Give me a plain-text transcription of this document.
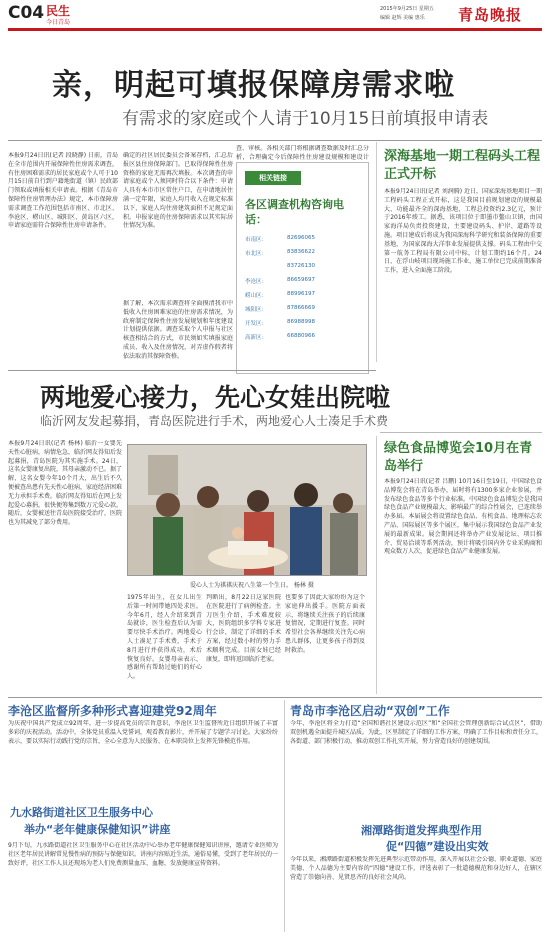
C04 民生
今日青岛
2015年9月25日 星期五
编辑 赵辉 美编 惠乐 青岛晚报
亲，明起可填报保障房需求啦
有需求的家庭或个人请于10月15日前填报申请表
本报9月24日讯(记者 段晓静) 日前，青岛在全市范围内开展保障性住房需求调查，有住房困难需求的居民家庭或个人可于10月15日前自行到户籍地街道（镇）民政部门领取或填报相关申请表。根据《青岛市保障性住房管理办法》规定，本市保障房需求调查工作范围包括市南区、市北区、李沧区、崂山区、城阳区、黄岛区六区，申请家庭需符合保障性住房申请条件。
确定的社区居民委员会备案存档，汇总后报区县住房保障部门。已取得保障性住房资格的家庭无需再次填报。本次调查的申请家庭或个人须同时符合以下条件：申请人具有本市市区常住户口，在申请地居住满一定年限，家庭人均月收入在规定标准以下，家庭人均住房建筑面积不足规定面积。申报家庭的住房保障需求以其实际居住情况为准。
相关链接
各区调查机构咨询电话：
市南区：	82696065
市北区：	83836622
83726130
李沧区：	86659697
崂山区：	88996197
城阳区：	87866669
开发区：	86988998
高新区：	66880966
深海基地一期工程码头工程正式开标
本报9月24日讯(记者 刘润腾) 近日，国家深海基地项目一期工程码头工程正式开标，这是我国目前规划建设的规模最大、功能最齐全的深海基地，工程总投资约2.3亿元，预计于2016年竣工。据悉，该项目位于即墨市鳌山卫镇，由国家海洋局负责投资建设，主要建设码头、护岸、道路等设施。项目建成后将成为我国深海科学研究和装备保障的重要基地，为国家深海大洋事业发展提供支撑。码头工程由中交第一航务工程局有限公司中标，计划工期约16个月。24日，在浮山岐项目现场施工作业，施工单位已完成前期准备工作，进入全面施工阶段。
绿色食品博览会10月在青岛举行
本报9月24日讯(记者 吕鹏) 10月16日至19日，中国绿色食品博览会将在青岛举办，届时将有1300多家企业参展，并发布绿色食品等多个行业标准。中国绿色食品博览会是我国绿色食品产业规模最大、影响最广的综合性展会，已连续举办多届。本届展会将设置绿色食品、有机食品、地理标志农产品、国际展区等多个展区，集中展示我国绿色食品产业发展的最新成果。展会期间还将举办产业发展论坛、项目推介、贸易洽谈等系列活动，预计将吸引国内外专业采购商和观众数万人次，促进绿色食品产业健康发展。
两地爱心接力，先心女娃出院啦
临沂网友发起募捐，青岛医院进行手术，两地爱心人士凑足手术费
本报9月24日讯(记者 杨林) 临沂一女婴先天性心脏病，病情危急，临沂网友得知后发起募捐，青岛医院为其实施手术。24日，这名女婴康复出院，其母亲激动不已。据了解，这名女婴今年10个月大，出生后不久便被查出患有先天性心脏病，家庭经济困难无力承担手术费。临沂网友得知后在网上发起爱心募捐，很快便筹集到数万元爱心款。随后，女婴被送往青岛医院接受治疗，医院也为其减免了部分费用。
爱心人士为祺祺庆祝八生第一个生日。 杨林 摄
1975年出生，在女儿出生后第一时间带她四处求医。今年6月，经人介绍来到青岛就诊，医生检查后认为需要尽快手术治疗。两地爱心人士凑足了手术费，手术于8月进行并获得成功，术后恢复良好。女婴母亲表示，感谢所有帮助过她们的好心人。
判断出，8月22日这家医院在医院进行了病例检查。主刀医生介绍，手术难度较大，医院组织多学科专家进行会诊，制定了详细的手术方案，经过数小时的努力手术顺利完成。目前女娃已经康复，即将返回临沂老家。
也要多了因此大家纷纷为这个家庭伸出援手。医院方面表示，将继续关注孩子的后续康复情况，定期进行复查。同时希望社会各界继续关注先心病患儿群体，让更多孩子得到及时救治。
李沧区监督所多种形式喜迎建党92周年
为庆祝中国共产党成立92周年，进一步提高党员的宗旨意识，李沧区卫生监督所近日组织开展了丰富多彩的庆祝活动。活动中，全体党员重温入党誓词，观看教育影片，并开展了专题学习讨论。大家纷纷表示，要以实际行动践行党的宗旨，全心全意为人民服务，在本职岗位上发挥先锋模范作用。
九水路街道社区卫生服务中心
举办“老年健康保健知识”讲座
9月下旬，九水路街道社区卫生服务中心在社区活动中心举办老年健康保健知识讲座，邀请专业医师为社区老年居民讲解常见慢性病的预防与保健知识。讲座内容贴近生活，通俗易懂，受到了老年居民的一致好评，社区工作人员还现场为老人们免费测量血压、血糖，发放健康宣传资料。
青岛市李沧区启动“双创”工作
今年，李沧区将全力打造“全国和谐社区建设示范区”和“全国社会管理创新综合试点区”，借助双创机遇全面提升城区品质。为此，区里制定了详细的工作方案，明确了工作目标和责任分工，各街道、部门积极行动，推动双创工作扎实开展，努力营造良好的创建氛围。
湘潭路街道发挥典型作用
促“四德”建设出实效
今年以来，湘潭路街道积极发挥先进典型示范带动作用，深入开展以社会公德、职业道德、家庭美德、个人品德为主要内容的“四德”建设工作，评选表彰了一批道德模范和身边好人，在辖区营造了崇德向善、见贤思齐的良好社会风尚。
据了解，本次需求调查将全面摸清我市中低收入住房困难家庭的住房需求情况，为政府制定保障性住房发展规划和年度建设计划提供依据。调查采取个人申报与社区核查相结合的方式，市民须如实填报家庭成员、收入及住房情况，对弄虚作假者将依法取消其保障资格。
查、审核。各相关部门将根据调查数据及时汇总分析，合理确定今后保障性住房建设规模和建设计
